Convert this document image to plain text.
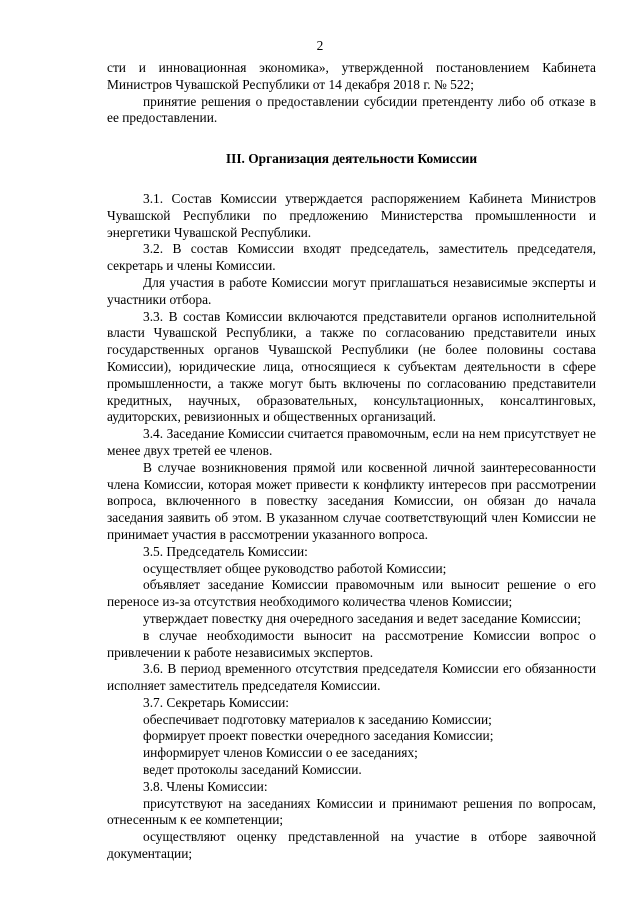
2

сти и инновационная экономика», утвержденной постановлением Кабинета Министров Чувашской Республики от 14 декабря 2018 г. № 522;

принятие решения о предоставлении субсидии претенденту либо об отказе в ее предоставлении.

III. Организация деятельности Комиссии

3.1. Состав Комиссии утверждается распоряжением Кабинета Министров Чувашской Республики по предложению Министерства промышленности и энергетики Чувашской Республики.

3.2. В состав Комиссии входят председатель, заместитель председателя, секретарь и члены Комиссии.

Для участия в работе Комиссии могут приглашаться независимые эксперты и участники отбора.

3.3. В состав Комиссии включаются представители органов исполнительной власти Чувашской Республики, а также по согласованию представители иных государственных органов Чувашской Республики (не более половины состава Комиссии), юридические лица, относящиеся к субъектам деятельности в сфере промышленности, а также могут быть включены по согласованию представители кредитных, научных, образовательных, консультационных, консалтинговых, аудиторских, ревизионных и общественных организаций.

3.4. Заседание Комиссии считается правомочным, если на нем присутствует не менее двух третей ее членов.

В случае возникновения прямой или косвенной личной заинтересованности члена Комиссии, которая может привести к конфликту интересов при рассмотрении вопроса, включенного в повестку заседания Комиссии, он обязан до начала заседания заявить об этом. В указанном случае соответствующий член Комиссии не принимает участия в рассмотрении указанного вопроса.

3.5. Председатель Комиссии:

осуществляет общее руководство работой Комиссии;

объявляет заседание Комиссии правомочным или выносит решение о его переносе из-за отсутствия необходимого количества членов Комиссии;

утверждает повестку дня очередного заседания и ведет заседание Комиссии;

в случае необходимости выносит на рассмотрение Комиссии вопрос о привлечении к работе независимых экспертов.

3.6. В период временного отсутствия председателя Комиссии его обязанности исполняет заместитель председателя Комиссии.

3.7. Секретарь Комиссии:

обеспечивает подготовку материалов к заседанию Комиссии;

формирует проект повестки очередного заседания Комиссии;

информирует членов Комиссии о ее заседаниях;

ведет протоколы заседаний Комиссии.

3.8. Члены Комиссии:

присутствуют на заседаниях Комиссии и принимают решения по вопросам, отнесенным к ее компетенции;

осуществляют оценку представленной на участие в отборе заявочной документации;
